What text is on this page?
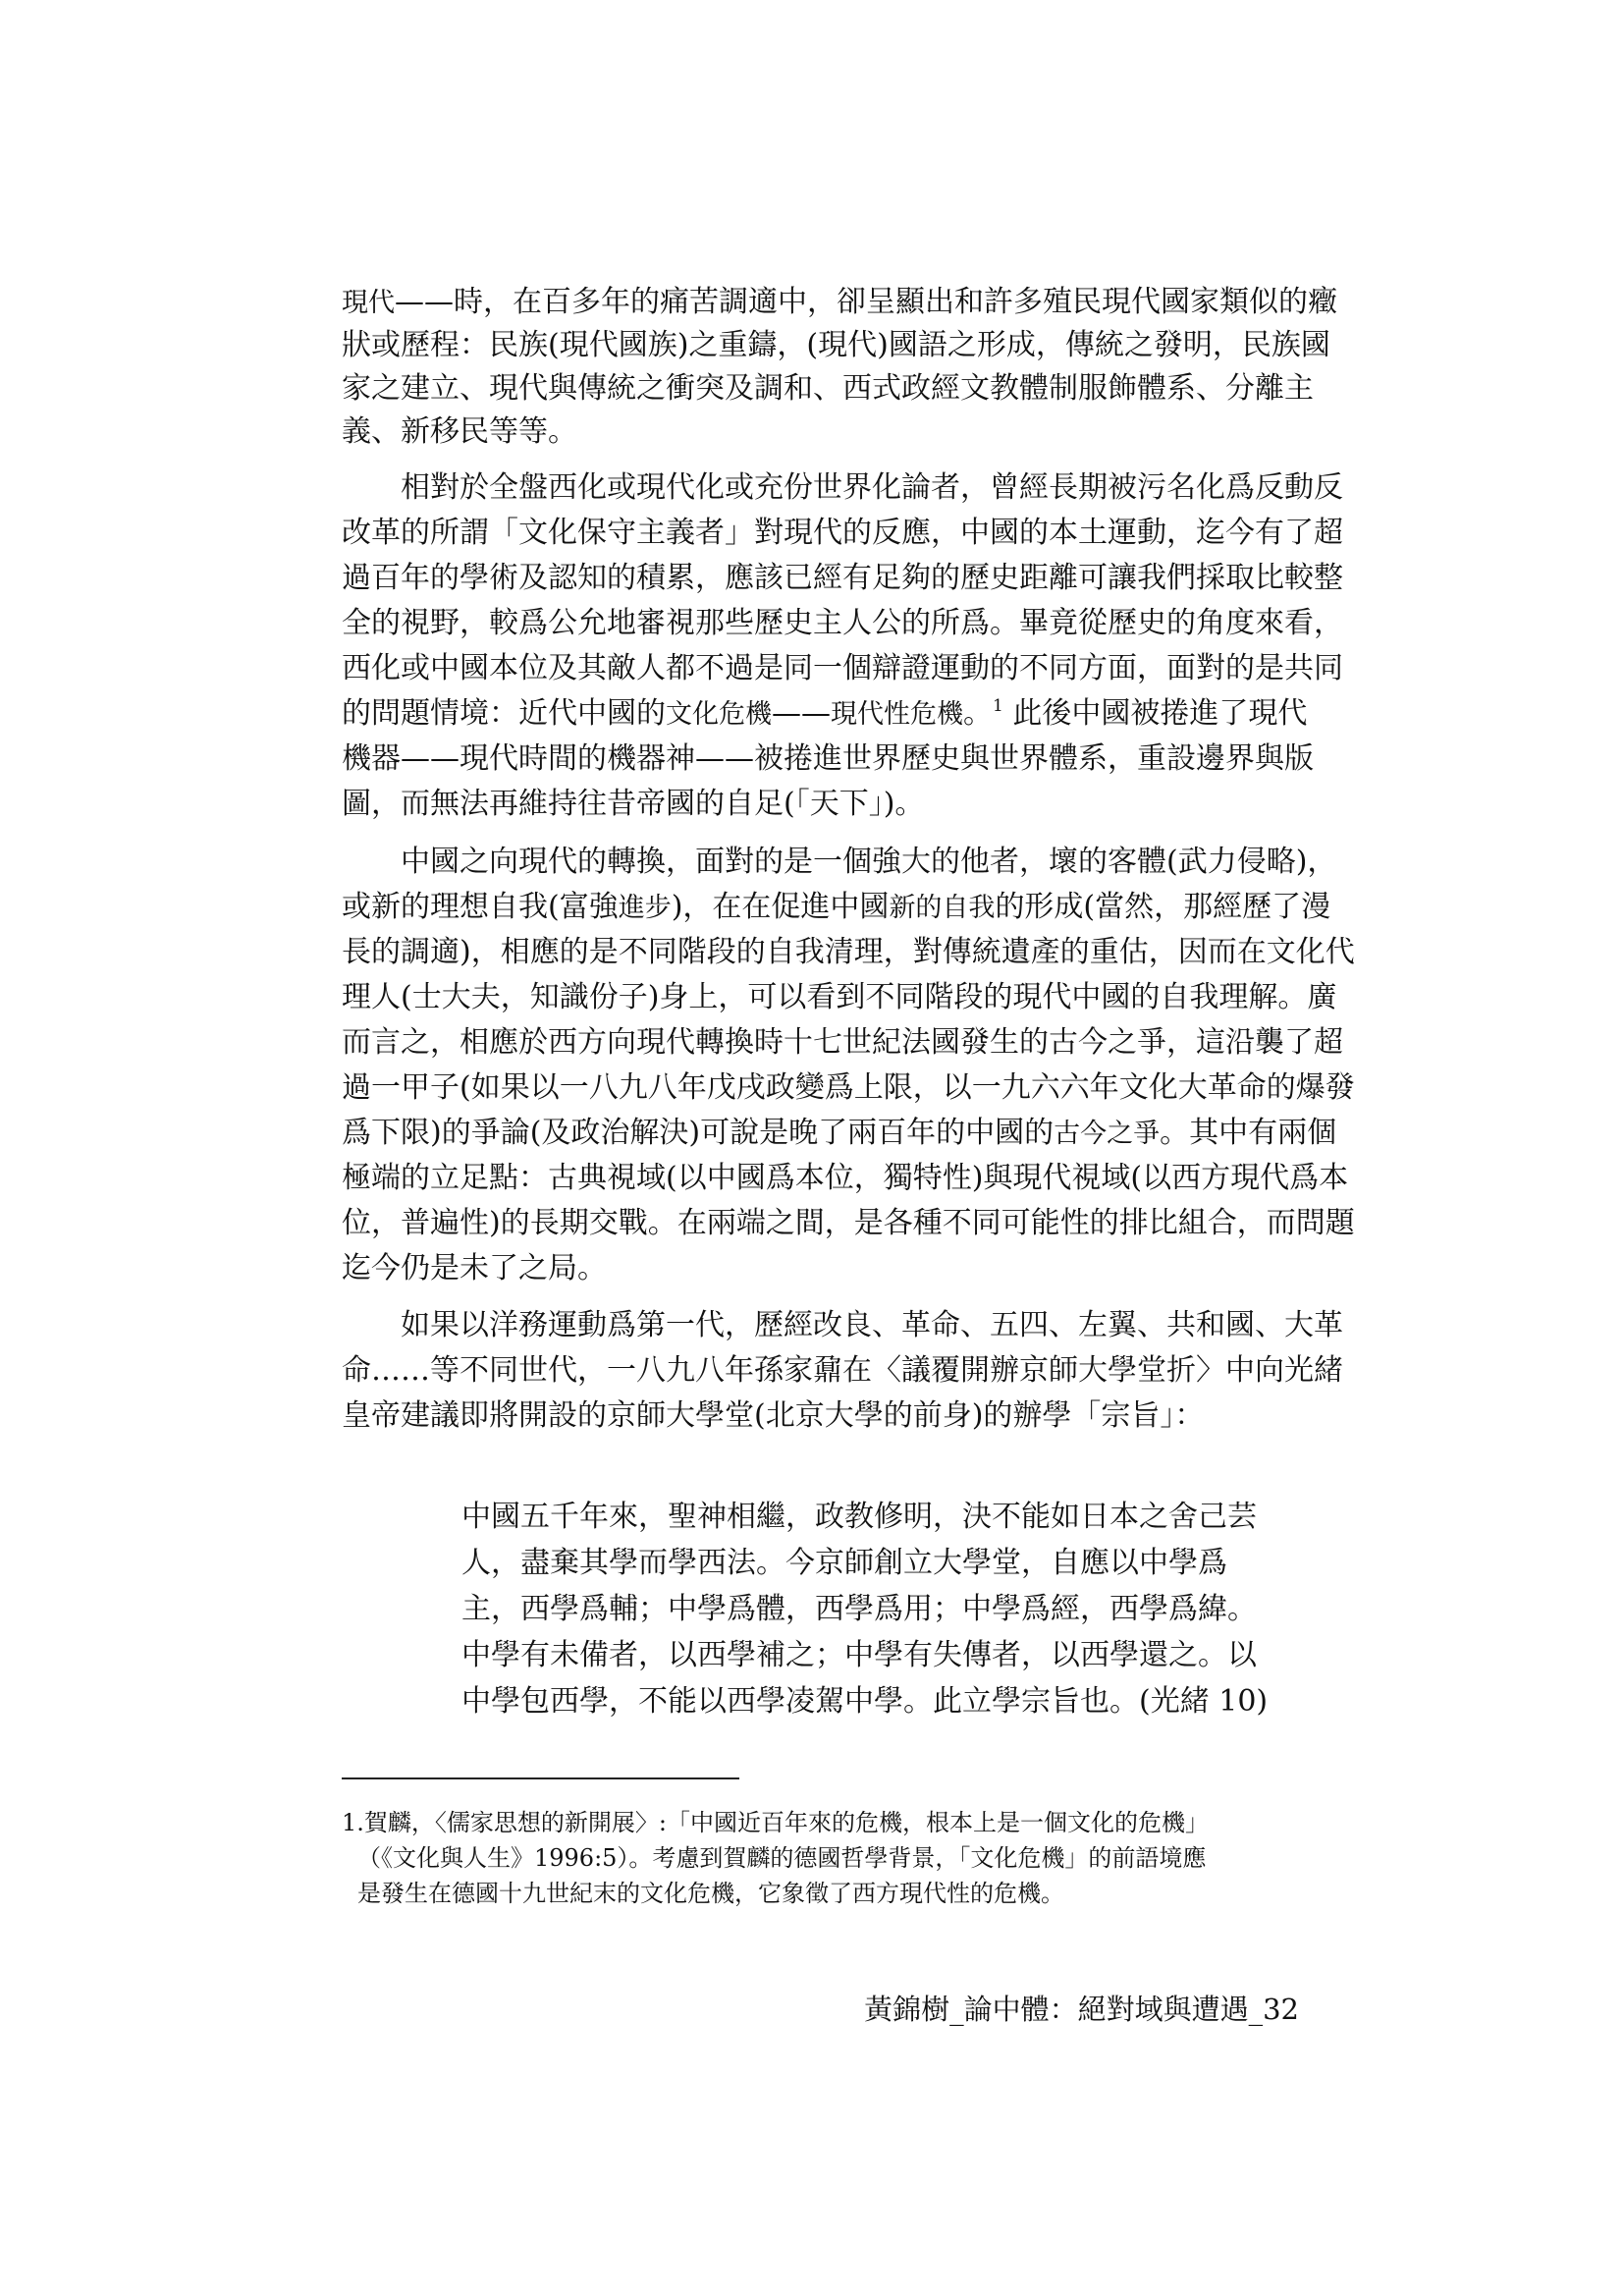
現代——時，在百多年的痛苦調適中，卻呈顯出和許多殖民現代國家類似的癥
狀或歷程：民族(現代國族)之重鑄，(現代)國語之形成，傳統之發明，民族國
家之建立、現代與傳統之衝突及調和、西式政經文教體制服飾體系、分離主
義、新移民等等。
　　相對於全盤西化或現代化或充份世界化論者，曾經長期被污名化爲反動反
改革的所謂「文化保守主義者」對現代的反應，中國的本土運動，迄今有了超
過百年的學術及認知的積累，應該已經有足夠的歷史距離可讓我們採取比較整
全的視野，較爲公允地審視那些歷史主人公的所爲。畢竟從歷史的角度來看，
西化或中國本位及其敵人都不過是同一個辯證運動的不同方面，面對的是共同
的問題情境：近代中國的文化危機——現代性危機。$^1$ 此後中國被捲進了現代
機器——現代時間的機器神——被捲進世界歷史與世界體系，重設邊界與版
圖，而無法再維持往昔帝國的自足(「天下」)。
　　中國之向現代的轉換，面對的是一個強大的他者，壞的客體(武力侵略)，
或新的理想自我(富強進步)，在在促進中國新的自我的形成(當然，那經歷了漫
長的調適)，相應的是不同階段的自我清理，對傳統遺產的重估，因而在文化代
理人(士大夫，知識份子)身上，可以看到不同階段的現代中國的自我理解。廣
而言之，相應於西方向現代轉換時十七世紀法國發生的古今之爭，這沿襲了超
過一甲子(如果以一八九八年戊戌政變爲上限，以一九六六年文化大革命的爆發
爲下限)的爭論(及政治解決)可說是晚了兩百年的中國的古今之爭。其中有兩個
極端的立足點：古典視域(以中國爲本位，獨特性)與現代視域(以西方現代爲本
位，普遍性)的長期交戰。在兩端之間，是各種不同可能性的排比組合，而問題
迄今仍是未了之局。
　　如果以洋務運動爲第一代，歷經改良、革命、五四、左翼、共和國、大革
命……等不同世代，一八九八年孫家鼐在〈議覆開辦京師大學堂折〉中向光緒
皇帝建議即將開設的京師大學堂(北京大學的前身)的辦學「宗旨」：
中國五千年來，聖神相繼，政教修明，決不能如日本之舍己芸
人，盡棄其學而學西法。今京師創立大學堂，自應以中學爲
主，西學爲輔；中學爲體，西學爲用；中學爲經，西學爲緯。
中學有未備者，以西學補之；中學有失傳者，以西學還之。以
中學包西學，不能以西學凌駕中學。此立學宗旨也。(光緒 10)
1.賀麟，〈儒家思想的新開展〉:「中國近百年來的危機，根本上是一個文化的危機」
（《文化與人生》1996:5）。考慮到賀麟的德國哲學背景，「文化危機」的前語境應
是發生在德國十九世紀末的文化危機，它象徵了西方現代性的危機。
黃錦樹_論中體：絕對域與遭遇_32
